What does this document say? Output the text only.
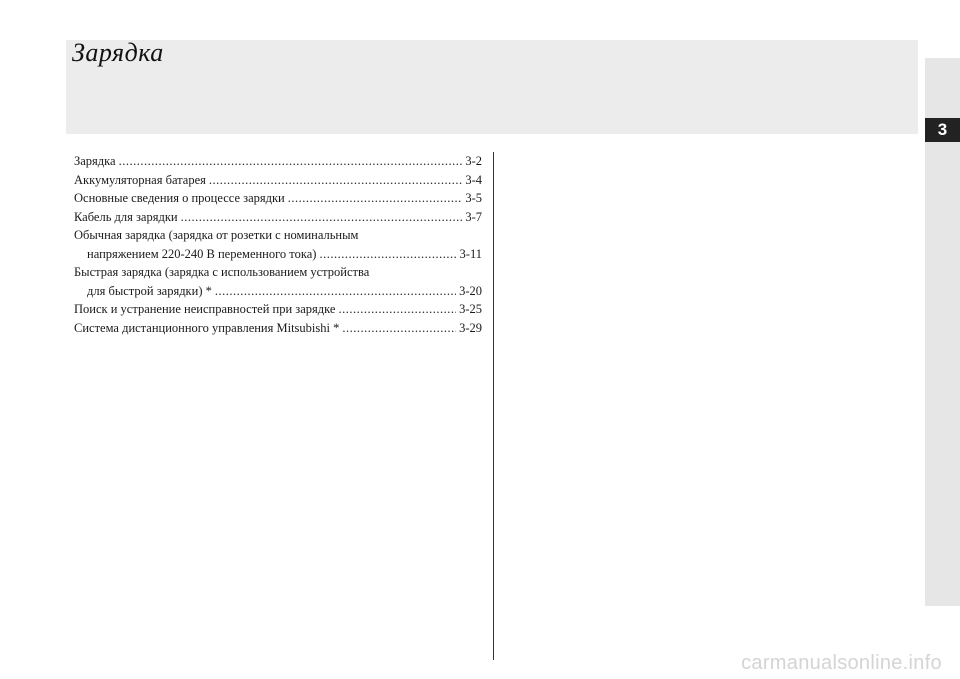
Зарядка
3
Зарядка .....	3-2
Аккумуляторная батарея .....	3-4
Основные сведения о процессе зарядки .....	3-5
Кабель для зарядки .....	3-7
Обычная зарядка (зарядка от розетки с номинальным
напряжением 220-240 В переменного тока) .....	3-11
Быстрая зарядка (зарядка с использованием устройства
для быстрой зарядки) * .....	3-20
Поиск и устранение неисправностей при зарядке .....	3-25
Система дистанционного управления Mitsubishi * .....	3-29
carmanualsonline.info
